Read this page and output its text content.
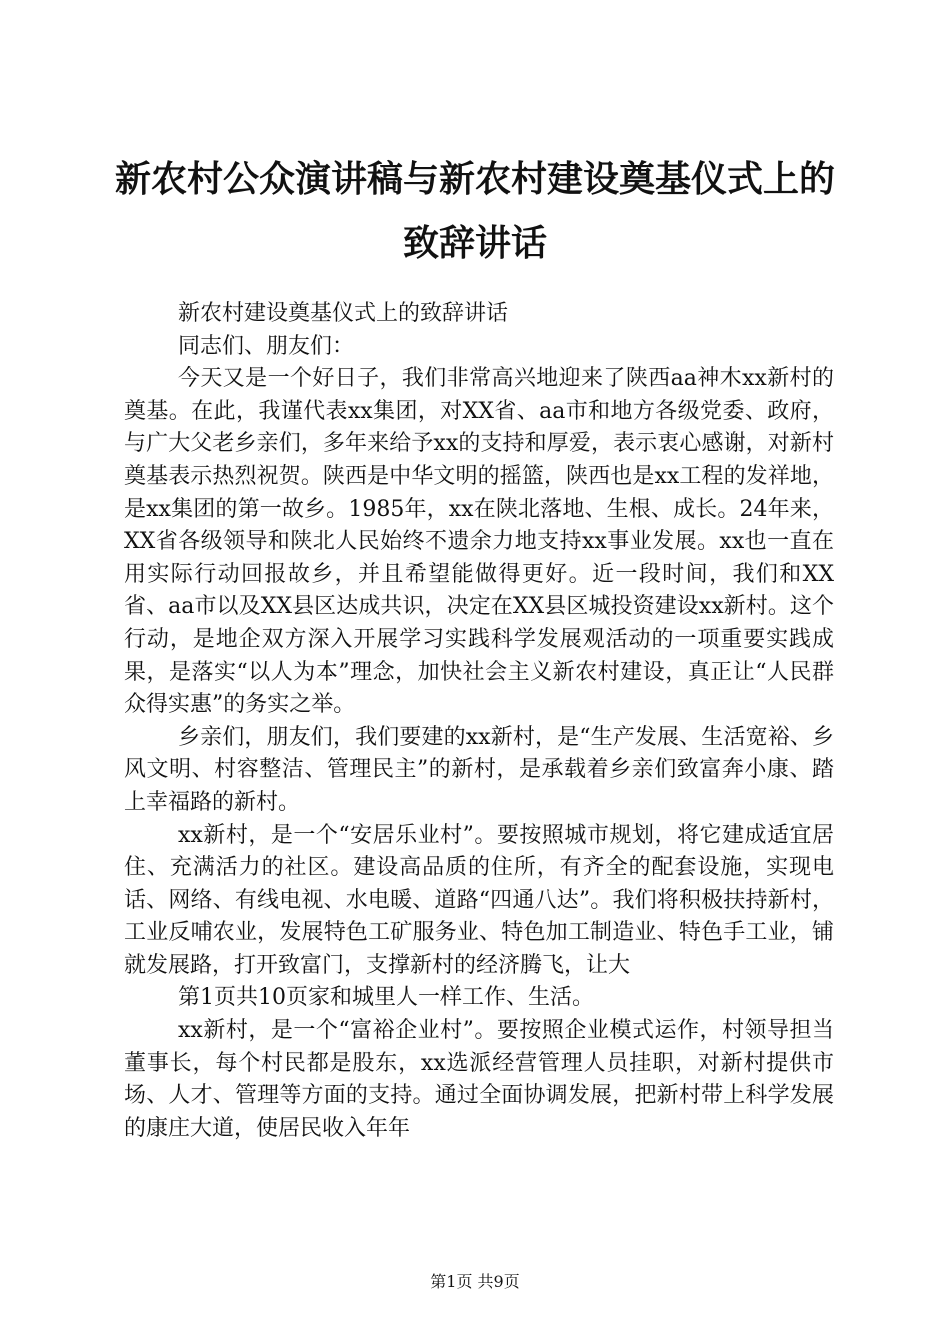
新农村公众演讲稿与新农村建设奠基仪式上的
致辞讲话

新农村建设奠基仪式上的致辞讲话

同志们、朋友们：

今天又是一个好日子，我们非常高兴地迎来了陕西aa神木xx新村的奠基。在此，我谨代表xx集团，对XX省、aa市和地方各级党委、政府，与广大父老乡亲们，多年来给予xx的支持和厚爱，表示衷心感谢，对新村奠基表示热烈祝贺。陕西是中华文明的摇篮，陕西也是xx工程的发祥地，是xx集团的第一故乡。1985年，xx在陕北落地、生根、成长。24年来，XX省各级领导和陕北人民始终不遗余力地支持xx事业发展。xx也一直在用实际行动回报故乡，并且希望能做得更好。近一段时间，我们和XX省、aa市以及XX县区达成共识，决定在XX县区城投资建设xx新村。这个行动，是地企双方深入开展学习实践科学发展观活动的一项重要实践成果，是落实“以人为本”理念，加快社会主义新农村建设，真正让“人民群众得实惠”的务实之举。

乡亲们，朋友们，我们要建的xx新村，是“生产发展、生活宽裕、乡风文明、村容整洁、管理民主”的新村，是承载着乡亲们致富奔小康、踏上幸福路的新村。

xx新村，是一个“安居乐业村”。要按照城市规划，将它建成适宜居住、充满活力的社区。建设高品质的住所，有齐全的配套设施，实现电话、网络、有线电视、水电暖、道路“四通八达”。我们将积极扶持新村，工业反哺农业，发展特色工矿服务业、特色加工制造业、特色手工业，铺就发展路，打开致富门，支撑新村的经济腾飞，让大

第1页共10页家和城里人一样工作、生活。

xx新村，是一个“富裕企业村”。要按照企业模式运作，村领导担当董事长，每个村民都是股东，xx选派经营管理人员挂职，对新村提供市场、人才、管理等方面的支持。通过全面协调发展，把新村带上科学发展的康庄大道，使居民收入年年

第1页 共9页
